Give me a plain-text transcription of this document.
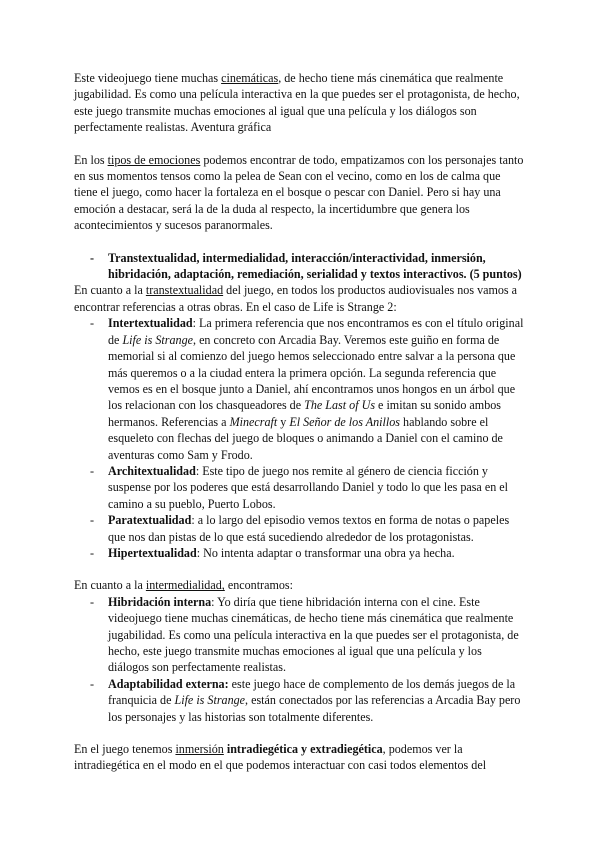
Este videojuego tiene muchas cinemáticas, de hecho tiene más cinemática que realmente jugabilidad. Es como una película interactiva en la que puedes ser el protagonista, de hecho, este juego transmite muchas emociones al igual que una película y los diálogos son perfectamente realistas. Aventura gráfica

En los tipos de emociones podemos encontrar de todo, empatizamos con los personajes tanto en sus momentos tensos como la pelea de Sean con el vecino, como en los de calma que tiene el juego, como hacer la fortaleza en el bosque o pescar con Daniel. Pero si hay una emoción a destacar, será la de la duda al respecto, la incertidumbre que genera los acontecimientos y sucesos paranormales.

- Transtextualidad, intermedialidad, interacción/interactividad, inmersión, hibridación, adaptación, remediación, serialidad y textos interactivos. (5 puntos)

En cuanto a la transtextualidad del juego, en todos los productos audiovisuales nos vamos a encontrar referencias a otras obras. En el caso de Life is Strange 2:

- Intertextualidad: La primera referencia que nos encontramos es con el título original de Life is Strange, en concreto con Arcadia Bay. Veremos este guiño en forma de memorial si al comienzo del juego hemos seleccionado entre salvar a la persona que más queremos o a la ciudad entera la primera opción. La segunda referencia que vemos es en el bosque junto a Daniel, ahí encontramos unos hongos en un árbol que los relacionan con los chasqueadores de The Last of Us e imitan su sonido ambos hermanos. Referencias a Minecraft y El Señor de los Anillos hablando sobre el esqueleto con flechas del juego de bloques o animando a Daniel con el camino de aventuras como Sam y Frodo.
- Architextualidad: Este tipo de juego nos remite al género de ciencia ficción y suspense por los poderes que está desarrollando Daniel y todo lo que les pasa en el camino a su pueblo, Puerto Lobos.
- Paratextualidad: a lo largo del episodio vemos textos en forma de notas o papeles que nos dan pistas de lo que está sucediendo alrededor de los protagonistas.
- Hipertextualidad: No intenta adaptar o transformar una obra ya hecha.

En cuanto a la intermedialidad, encontramos:

- Hibridación interna: Yo diría que tiene hibridación interna con el cine. Este videojuego tiene muchas cinemáticas, de hecho tiene más cinemática que realmente jugabilidad. Es como una película interactiva en la que puedes ser el protagonista, de hecho, este juego transmite muchas emociones al igual que una película y los diálogos son perfectamente realistas.
- Adaptabilidad externa: este juego hace de complemento de los demás juegos de la franquicia de Life is Strange, están conectados por las referencias a Arcadia Bay pero los personajes y las historias son totalmente diferentes.

En el juego tenemos inmersión intradiegética y extradiegética, podemos ver la intradiegética en el modo en el que podemos interactuar con casi todos elementos del
